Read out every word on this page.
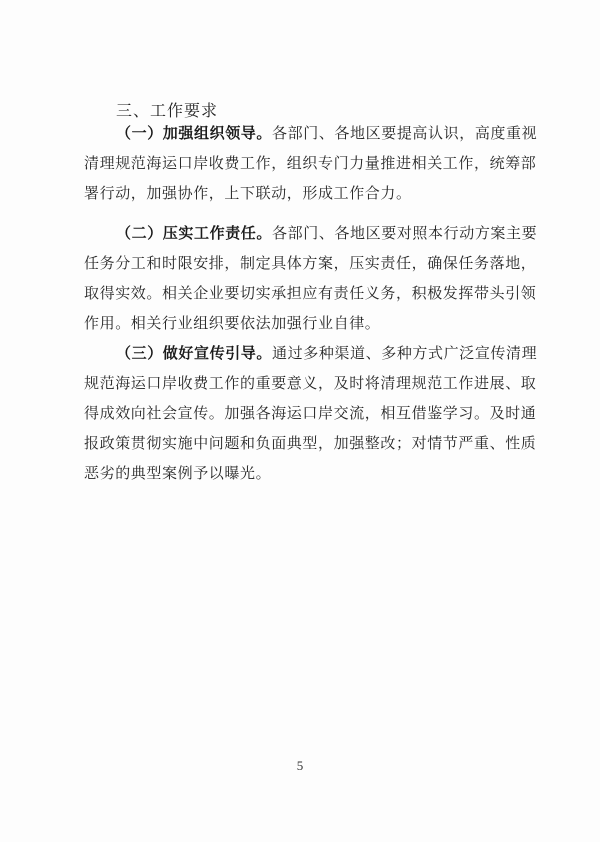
三、工作要求
（一）加强组织领导。各部门、各地区要提高认识，高度重视
清理规范海运口岸收费工作，组织专门力量推进相关工作，统筹部
署行动，加强协作，上下联动，形成工作合力。
（二）压实工作责任。各部门、各地区要对照本行动方案主要
任务分工和时限安排，制定具体方案，压实责任，确保任务落地，
取得实效。相关企业要切实承担应有责任义务，积极发挥带头引领
作用。相关行业组织要依法加强行业自律。
（三）做好宣传引导。通过多种渠道、多种方式广泛宣传清理
规范海运口岸收费工作的重要意义，及时将清理规范工作进展、取
得成效向社会宣传。加强各海运口岸交流，相互借鉴学习。及时通
报政策贯彻实施中问题和负面典型，加强整改；对情节严重、性质
恶劣的典型案例予以曝光。
5
